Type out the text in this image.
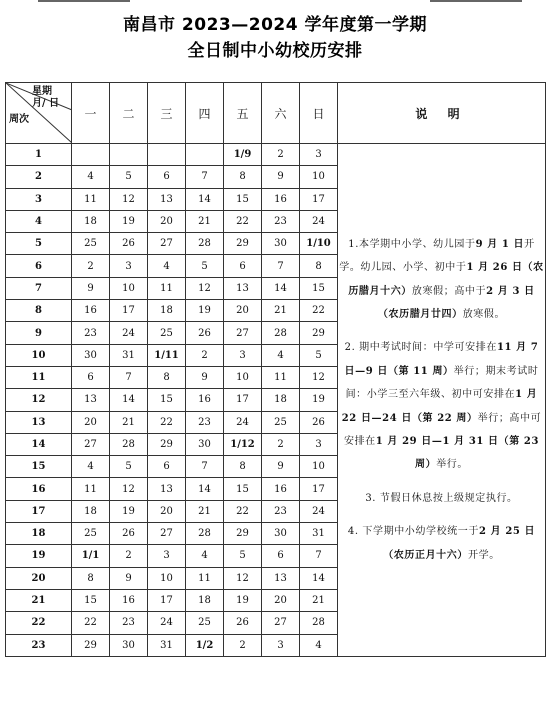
南昌市 2023—2024 学年度第一学期
全日制中小幼校历安排
星期
月/ 日
周次	一	二	三	四	五	六	日	说 明
1					1/9	2	3	1.本学期中小学、幼儿园于9 月 1 日开学。幼儿园、小学、初中于1 月 26 日（农历腊月十六）放寒假；高中于2 月 3 日（农历腊月廿四）放寒假。

2. 期中考试时间：中学可安排在11 月 7 日—9 日（第 11 周）举行；期末考试时间：小学三至六年级、初中可安排在1 月 22 日—24 日（第 22 周）举行；高中可安排在1 月 29 日—1 月 31 日（第 23 周）举行。

3. 节假日休息按上级规定执行。

4. 下学期中小幼学校统一于2 月 25 日（农历正月十六）开学。

2	4	5	6	7	8	9	10	
3	11	12	13	14	15	16	17	
4	18	19	20	21	22	23	24	
5	25	26	27	28	29	30	1/10	
6	2	3	4	5	6	7	8	
7	9	10	11	12	13	14	15	
8	16	17	18	19	20	21	22	
9	23	24	25	26	27	28	29	
10	30	31	1/11	2	3	4	5	
11	6	7	8	9	10	11	12	
12	13	14	15	16	17	18	19	
13	20	21	22	23	24	25	26	
14	27	28	29	30	1/12	2	3	
15	4	5	6	7	8	9	10	
16	11	12	13	14	15	16	17	
17	18	19	20	21	22	23	24	
18	25	26	27	28	29	30	31	
19	1/1	2	3	4	5	6	7	
20	8	9	10	11	12	13	14	
21	15	16	17	18	19	20	21	
22	22	23	24	25	26	27	28	
23	29	30	31	1/2	2	3	4	
